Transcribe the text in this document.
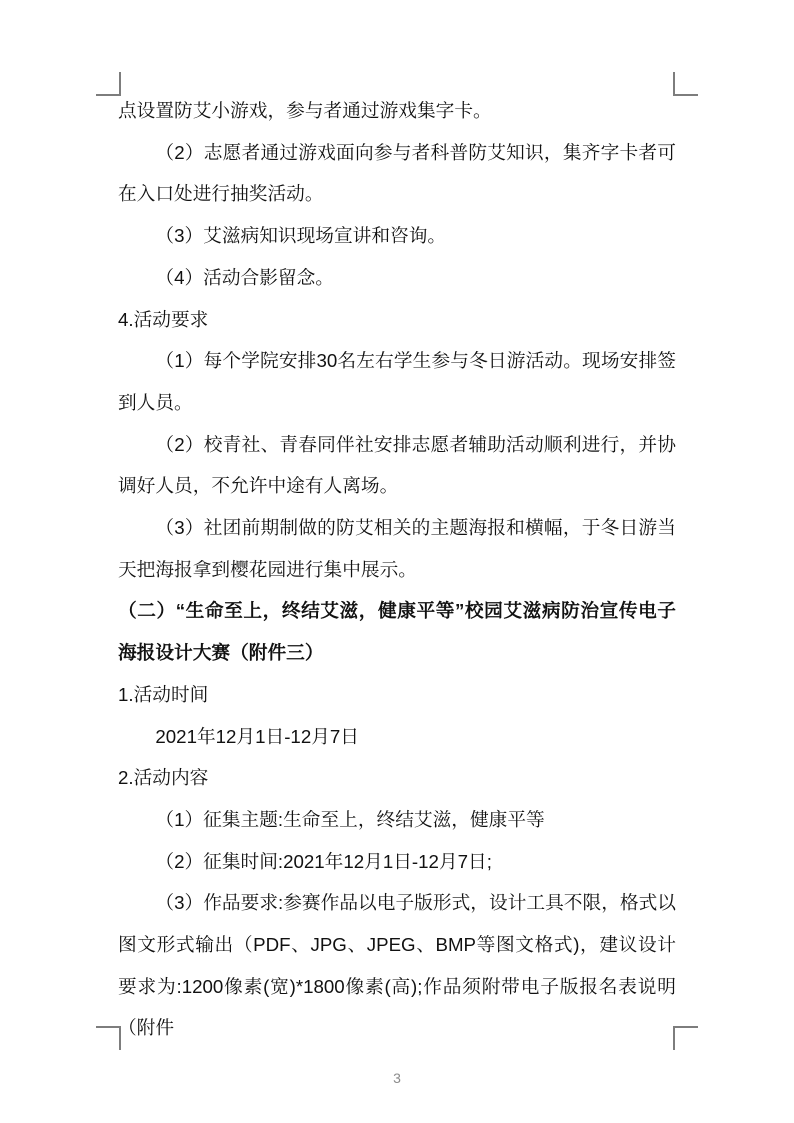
点设置防艾小游戏，参与者通过游戏集字卡。

（2）志愿者通过游戏面向参与者科普防艾知识，集齐字卡者可在入口处进行抽奖活动。

（3）艾滋病知识现场宣讲和咨询。

（4）活动合影留念。

4.活动要求

（1）每个学院安排30名左右学生参与冬日游活动。现场安排签到人员。

（2）校青社、青春同伴社安排志愿者辅助活动顺利进行，并协调好人员，不允许中途有人离场。

（3）社团前期制做的防艾相关的主题海报和横幅，于冬日游当天把海报拿到樱花园进行集中展示。

（二）“生命至上，终结艾滋，健康平等”校园艾滋病防治宣传电子海报设计大赛（附件三）

1.活动时间

2021年12月1日-12月7日

2.活动内容

（1）征集主题:生命至上，终结艾滋，健康平等

（2）征集时间:2021年12月1日-12月7日;

（3）作品要求:参赛作品以电子版形式，设计工具不限，格式以图文形式输出（PDF、JPG、JPEG、BMP等图文格式)，建议设计要求为:1200像素(宽)*1800像素(高);作品须附带电子版报名表说明（附件

3
